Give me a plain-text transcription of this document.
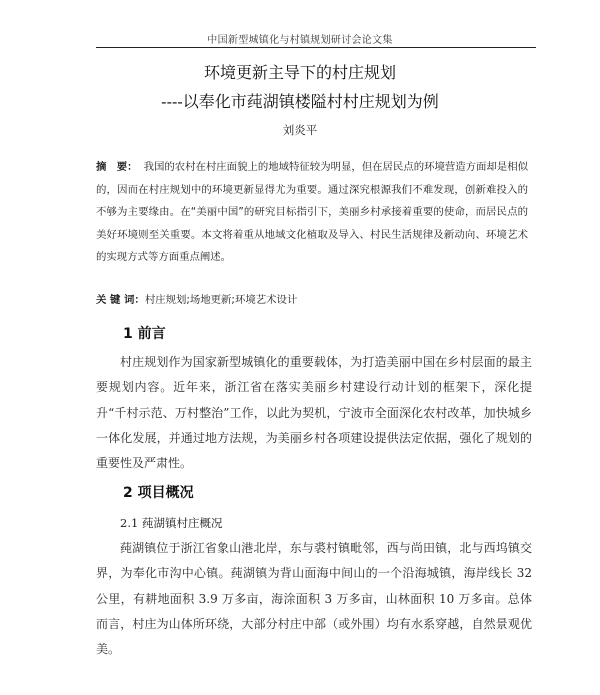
中国新型城镇化与村镇规划研讨会论文集
环境更新主导下的村庄规划
----以奉化市莼湖镇楼隘村村庄规划为例
刘炎平
摘　要： 我国的农村在村庄面貌上的地域特征较为明显，但在居民点的环境营造方面却是相似的，因而在村庄规划中的环境更新显得尤为重要。通过深究根源我们不难发现，创新难投入的不够为主要缘由。在“美丽中国”的研究目标指引下，美丽乡村承接着重要的使命，而居民点的美好环境则至关重要。本文将着重从地域文化植取及导入、村民生活规律及新动向、环境艺术的实现方式等方面重点阐述。
关 键 词：村庄规划;场地更新;环境艺术设计
1 前言
村庄规划作为国家新型城镇化的重要载体，为打造美丽中国在乡村层面的最主要规划内容。近年来，浙江省在落实美丽乡村建设行动计划的框架下，深化提升“千村示范、万村整治”工作，以此为契机，宁波市全面深化农村改革，加快城乡一体化发展，并通过地方法规，为美丽乡村各项建设提供法定依据，强化了规划的重要性及严肃性。
2 项目概况
2.1 莼湖镇村庄概况
莼湖镇位于浙江省象山港北岸，东与裘村镇毗邻，西与尚田镇，北与西坞镇交界，为奉化市沟中心镇。莼湖镇为背山面海中间山的一个沿海城镇，海岸线长 32 公里，有耕地面积 3.9 万多亩，海涂面积 3 万多亩，山林面积 10 万多亩。总体而言，村庄为山体所环绕，大部分村庄中部（或外围）均有水系穿越，自然景观优美。
